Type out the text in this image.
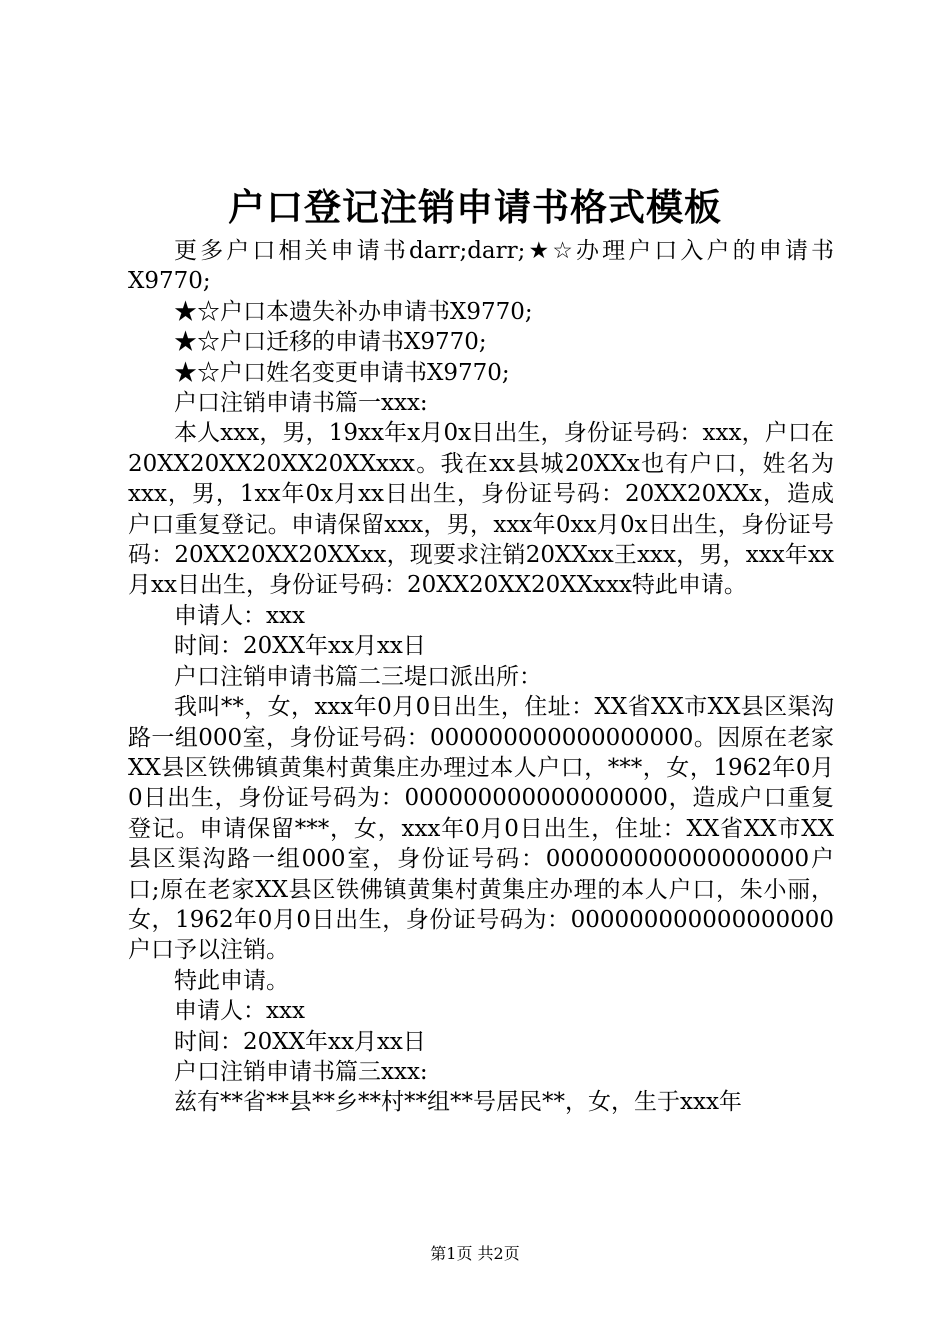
户口登记注销申请书格式模板

更多户口相关申请书darr;darr;★☆办理户口入户的申请书X9770;

★☆户口本遗失补办申请书X9770;

★☆户口迁移的申请书X9770;

★☆户口姓名变更申请书X9770;

户口注销申请书篇一xxx:

本人xxx，男，19xx年x月0x日出生，身份证号码：xxx，户口在20XX20XX20XX20XXxxx。我在xx县城20XXx也有户口，姓名为xxx，男，1xx年0x月xx日出生，身份证号码：20XX20XXx，造成户口重复登记。申请保留xxx，男，xxx年0xx月0x日出生，身份证号码：20XX20XX20XXxx，现要求注销20XXxx王xxx，男，xxx年xx月xx日出生，身份证号码：20XX20XX20XXxxx特此申请。

申请人：xxx

时间：20XX年xx月xx日

户口注销申请书篇二三堤口派出所：

我叫**，女，xxx年0月0日出生，住址：XX省XX市XX县区渠沟路一组000室，身份证号码：000000000000000000。因原在老家XX县区铁佛镇黄集村黄集庄办理过本人户口，***，女，1962年0月0日出生，身份证号码为：000000000000000000，造成户口重复登记。申请保留***，女，xxx年0月0日出生，住址：XX省XX市XX县区渠沟路一组000室，身份证号码：000000000000000000户口;原在老家XX县区铁佛镇黄集村黄集庄办理的本人户口，朱小丽，女，1962年0月0日出生，身份证号码为：000000000000000000户口予以注销。

特此申请。

申请人：xxx

时间：20XX年xx月xx日

户口注销申请书篇三xxx:

兹有**省**县**乡**村**组**号居民**，女，生于xxx年

第1页 共2页
